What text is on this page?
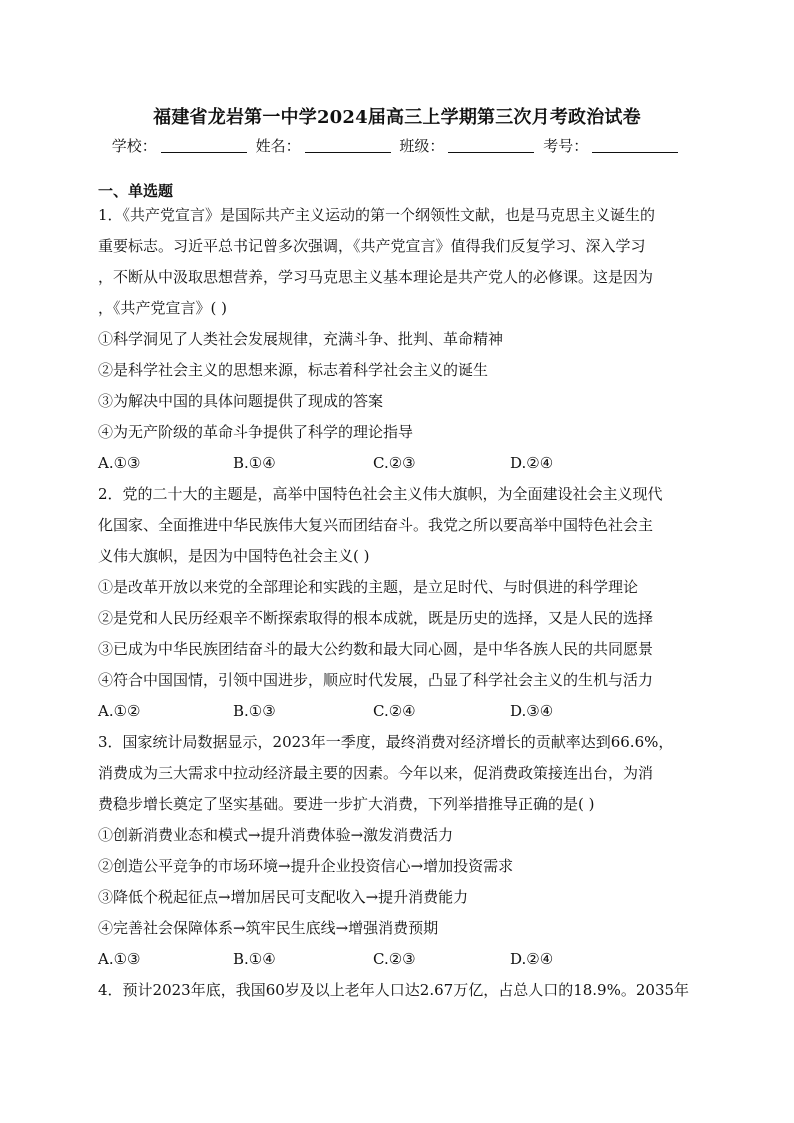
福建省龙岩第一中学2024届高三上学期第三次月考政治试卷
学校：	姓名：	班级：	考号：
一、单选题
1．《共产党宣言》是国际共产主义运动的第一个纲领性文献，也是马克思主义诞生的
重要标志。习近平总书记曾多次强调，《共产党宣言》值得我们反复学习、深入学习
，不断从中汲取思想营养，学习马克思主义基本理论是共产党人的必修课。这是因为
，《共产党宣言》( )
①科学洞见了人类社会发展规律，充满斗争、批判、革命精神
②是科学社会主义的思想来源，标志着科学社会主义的诞生
③为解决中国的具体问题提供了现成的答案
④为无产阶级的革命斗争提供了科学的理论指导
A.①③	B.①④	C.②③	D.②④
2．党的二十大的主题是，高举中国特色社会主义伟大旗帜，为全面建设社会主义现代
化国家、全面推进中华民族伟大复兴而团结奋斗。我党之所以要高举中国特色社会主
义伟大旗帜，是因为中国特色社会主义( )
①是改革开放以来党的全部理论和实践的主题，是立足时代、与时俱进的科学理论
②是党和人民历经艰辛不断探索取得的根本成就，既是历史的选择，又是人民的选择
③已成为中华民族团结奋斗的最大公约数和最大同心圆，是中华各族人民的共同愿景
④符合中国国情，引领中国进步，顺应时代发展，凸显了科学社会主义的生机与活力
A.①②	B.①③	C.②④	D.③④
3．国家统计局数据显示，2023年一季度，最终消费对经济增长的贡献率达到66.6%，
消费成为三大需求中拉动经济最主要的因素。今年以来，促消费政策接连出台，为消
费稳步增长奠定了坚实基础。要进一步扩大消费，下列举措推导正确的是( )
①创新消费业态和模式→提升消费体验→激发消费活力
②创造公平竞争的市场环境→提升企业投资信心→增加投资需求
③降低个税起征点→增加居民可支配收入→提升消费能力
④完善社会保障体系→筑牢民生底线→增强消费预期
A.①③	B.①④	C.②③	D.②④
4．预计2023年底，我国60岁及以上老年人口达2.67万亿，占总人口的18.9%。2035年
